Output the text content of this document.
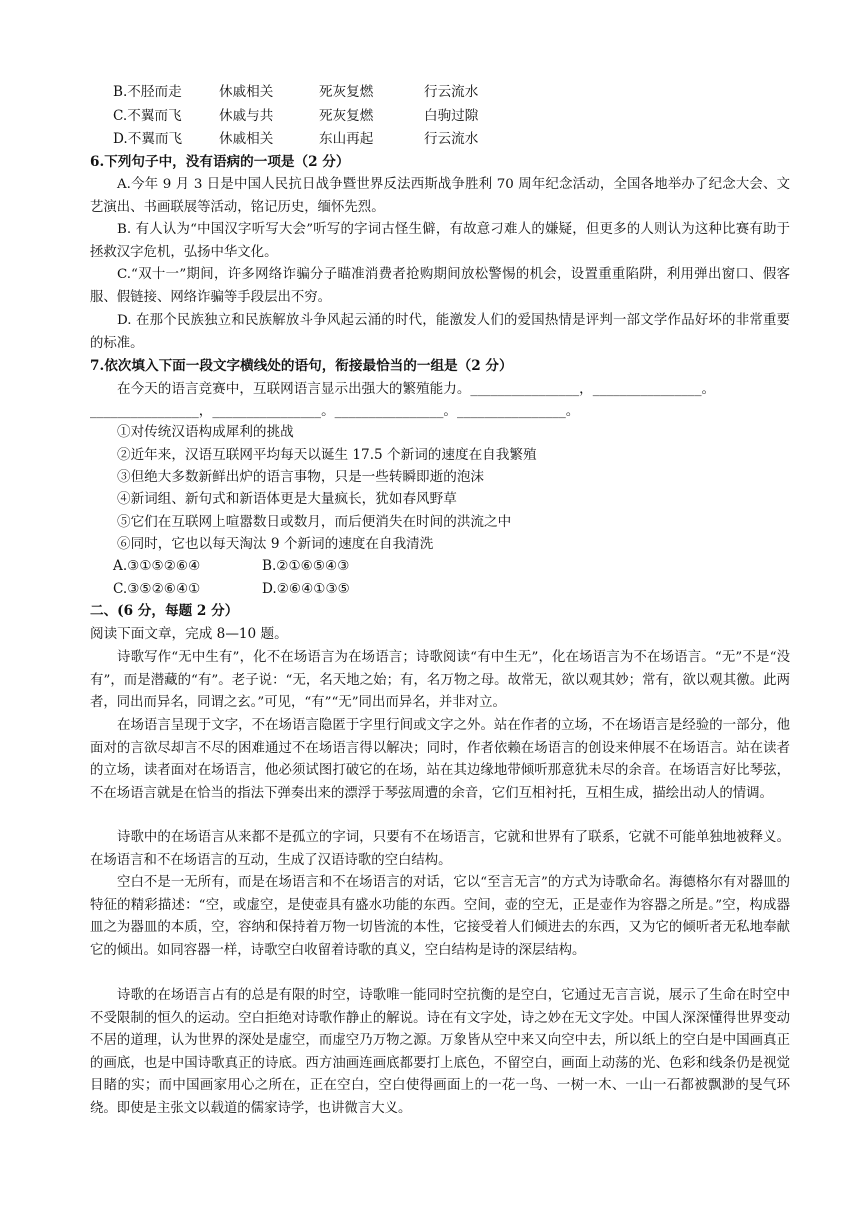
B.不胫而走	休戚相关	死灰复燃	行云流水
C.不翼而飞	休戚与共	死灰复燃	白驹过隙
D.不翼而飞	休戚相关	东山再起	行云流水
6.下列句子中，没有语病的一项是（2 分）
A.今年 9 月 3 日是中国人民抗日战争暨世界反法西斯战争胜利 70 周年纪念活动，全国各地举办了纪念大会、文艺演出、书画联展等活动，铭记历史，缅怀先烈。
B. 有人认为“中国汉字听写大会”听写的字词古怪生僻，有故意刁难人的嫌疑，但更多的人则认为这种比赛有助于拯救汉字危机，弘扬中华文化。
C.“双十一”期间，许多网络诈骗分子瞄准消费者抢购期间放松警惕的机会，设置重重陷阱，利用弹出窗口、假客服、假链接、网络诈骗等手段层出不穷。
D. 在那个民族独立和民族解放斗争风起云涌的时代，能激发人们的爱国热情是评判一部文学作品好坏的非常重要的标准。
7.依次填入下面一段文字横线处的语句，衔接最恰当的一组是（2 分）
在今天的语言竞赛中，互联网语言显示出强大的繁殖能力。________________，________________。
________________，________________。________________。________________。
①对传统汉语构成犀利的挑战
②近年来，汉语互联网平均每天以诞生 17.5 个新词的速度在自我繁殖
③但绝大多数新鲜出炉的语言事物，只是一些转瞬即逝的泡沫
④新词组、新句式和新语体更是大量疯长，犹如春风野草
⑤它们在互联网上喧嚣数日或数月，而后便消失在时间的洪流之中
⑥同时，它也以每天淘汰 9 个新词的速度在自我清洗
A.③①⑤②⑥④	B.②①⑥⑤④③
C.③⑤②⑥④①	D.②⑥④①③⑤
二、(6 分，每题 2 分）
阅读下面文章，完成 8—10 题。
诗歌写作“无中生有”，化不在场语言为在场语言；诗歌阅读“有中生无”，化在场语言为不在场语言。“无”不是“没有”，而是潜藏的“有”。老子说：“无，名天地之始；有，名万物之母。故常无，欲以观其妙；常有，欲以观其徼。此两者，同出而异名，同谓之玄。”可见，“有”“无”同出而异名，并非对立。
在场语言呈现于文字，不在场语言隐匿于字里行间或文字之外。站在作者的立场，不在场语言是经验的一部分，他面对的言欲尽却言不尽的困难通过不在场语言得以解决；同时，作者依赖在场语言的创设来伸展不在场语言。站在读者的立场，读者面对在场语言，他必须试图打破它的在场，站在其边缘地带倾听那意犹未尽的余音。在场语言好比琴弦，不在场语言就是在恰当的指法下弹奏出来的漂浮于琴弦周遭的余音，它们互相衬托，互相生成，描绘出动人的情调。
诗歌中的在场语言从来都不是孤立的字词，只要有不在场语言，它就和世界有了联系，它就不可能单独地被释义。在场语言和不在场语言的互动，生成了汉语诗歌的空白结构。
空白不是一无所有，而是在场语言和不在场语言的对话，它以“至言无言”的方式为诗歌命名。海德格尔有对器皿的特征的精彩描述：“空，或虚空，是使壶具有盛水功能的东西。空间，壶的空无，正是壶作为容器之所是。”空，构成器皿之为器皿的本质，空，容纳和保持着万物一切皆流的本性，它接受着人们倾进去的东西，又为它的倾听者无私地奉献它的倾出。如同容器一样，诗歌空白收留着诗歌的真义，空白结构是诗的深层结构。
诗歌的在场语言占有的总是有限的时空，诗歌唯一能同时空抗衡的是空白，它通过无言言说，展示了生命在时空中不受限制的恒久的运动。空白拒绝对诗歌作静止的解说。诗在有文字处，诗之妙在无文字处。中国人深深懂得世界变动不居的道理，认为世界的深处是虚空，而虚空乃万物之源。万象皆从空中来又向空中去，所以纸上的空白是中国画真正的画底，也是中国诗歌真正的诗底。西方油画连画底都要打上底色，不留空白，画面上动荡的光、色彩和线条仍是视觉目睹的实；而中国画家用心之所在，正在空白，空白使得画面上的一花一鸟、一树一木、一山一石都被飘渺的旻气环绕。即使是主张文以载道的儒家诗学，也讲微言大义。
